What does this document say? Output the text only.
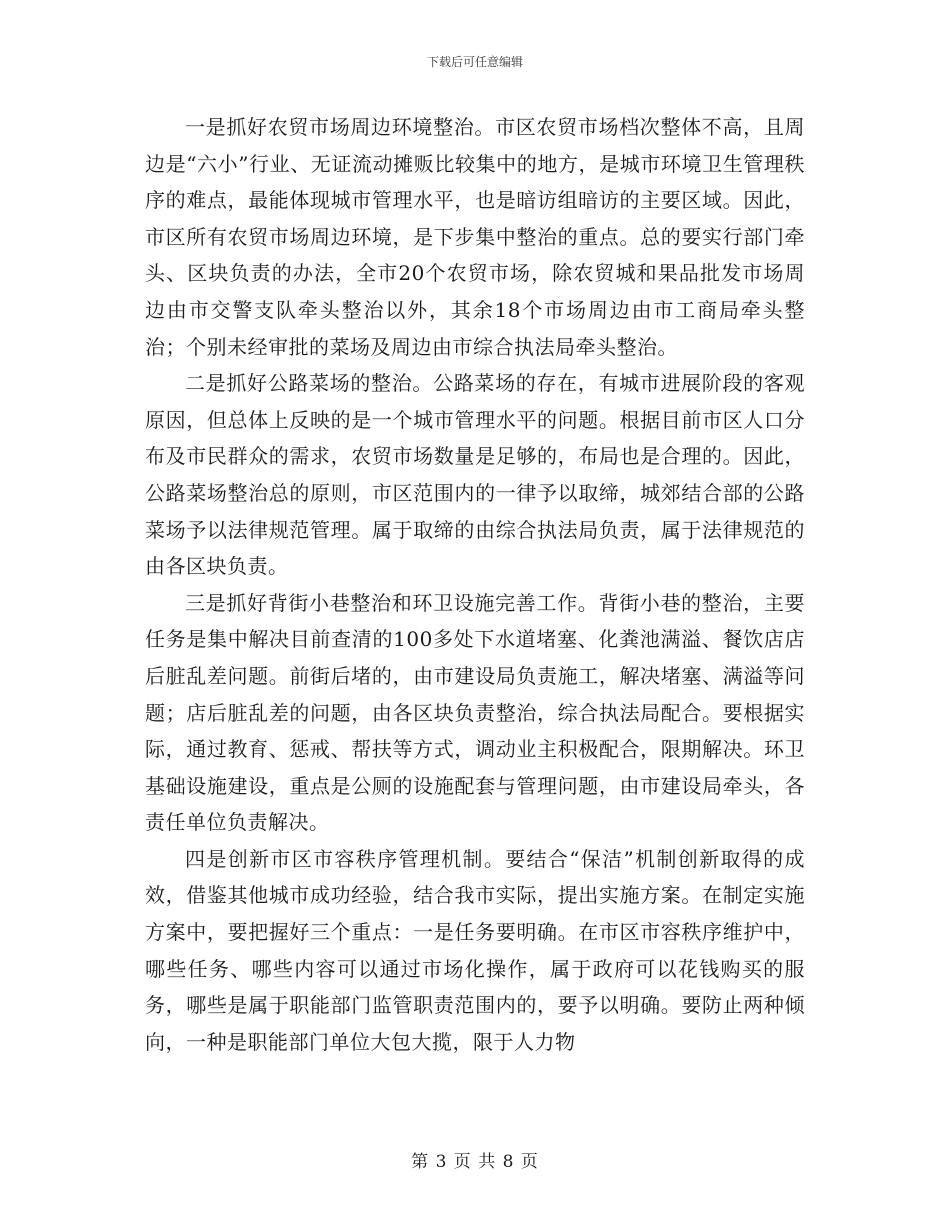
下载后可任意编辑

一是抓好农贸市场周边环境整治。市区农贸市场档次整体不高，且周边是“六小”行业、无证流动摊贩比较集中的地方，是城市环境卫生管理秩序的难点，最能体现城市管理水平，也是暗访组暗访的主要区域。因此，市区所有农贸市场周边环境，是下步集中整治的重点。总的要实行部门牵头、区块负责的办法，全市20个农贸市场，除农贸城和果品批发市场周边由市交警支队牵头整治以外，其余18个市场周边由市工商局牵头整治；个别未经审批的菜场及周边由市综合执法局牵头整治。

二是抓好公路菜场的整治。公路菜场的存在，有城市进展阶段的客观原因，但总体上反映的是一个城市管理水平的问题。根据目前市区人口分布及市民群众的需求，农贸市场数量是足够的，布局也是合理的。因此，公路菜场整治总的原则，市区范围内的一律予以取缔，城郊结合部的公路菜场予以法律规范管理。属于取缔的由综合执法局负责，属于法律规范的由各区块负责。

三是抓好背街小巷整治和环卫设施完善工作。背街小巷的整治，主要任务是集中解决目前查清的100多处下水道堵塞、化粪池满溢、餐饮店店后脏乱差问题。前街后堵的，由市建设局负责施工，解决堵塞、满溢等问题；店后脏乱差的问题，由各区块负责整治，综合执法局配合。要根据实际，通过教育、惩戒、帮扶等方式，调动业主积极配合，限期解决。环卫基础设施建设，重点是公厕的设施配套与管理问题，由市建设局牵头，各责任单位负责解决。

四是创新市区市容秩序管理机制。要结合“保洁”机制创新取得的成效，借鉴其他城市成功经验，结合我市实际，提出实施方案。在制定实施方案中，要把握好三个重点：一是任务要明确。在市区市容秩序维护中，哪些任务、哪些内容可以通过市场化操作，属于政府可以花钱购买的服务，哪些是属于职能部门监管职责范围内的，要予以明确。要防止两种倾向，一种是职能部门单位大包大揽，限于人力物

第 3 页 共 8 页
